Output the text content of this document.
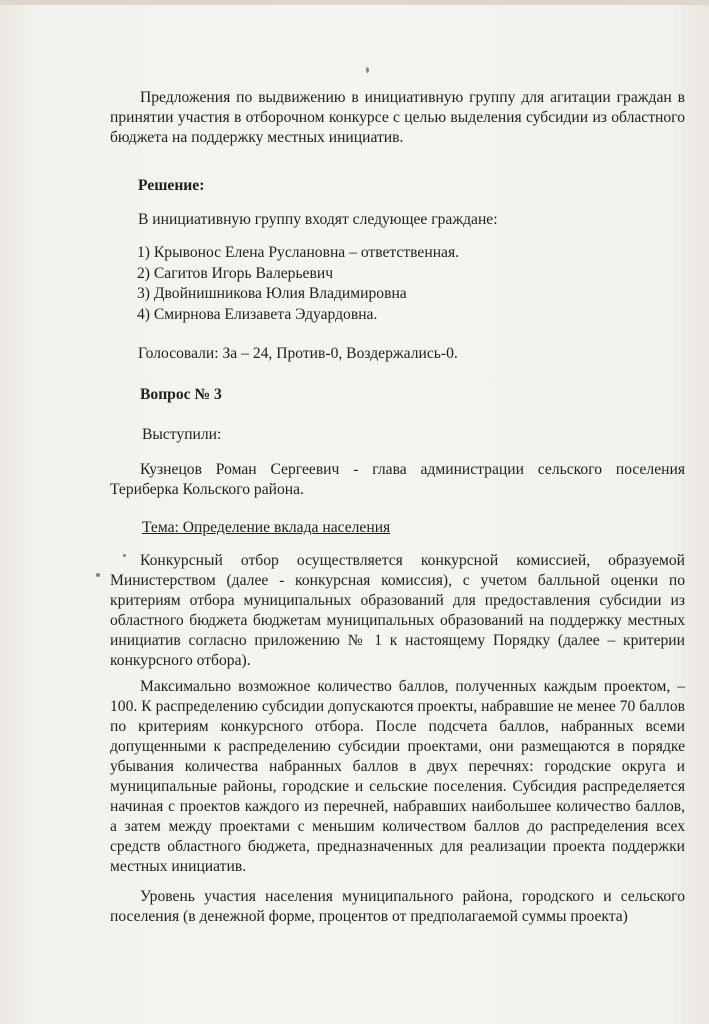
Предложения по выдвижению в инициативную группу для агитации граждан в принятии участия в отборочном конкурсе с целью выделения субсидии из областного бюджета на поддержку местных инициатив.

Решение:

В инициативную группу входят следующее граждане:

1) Крывонос Елена Руслановна – ответственная.
2) Сагитов Игорь Валерьевич
3) Двойнишникова Юлия Владимировна
4) Смирнова Елизавета Эдуардовна.

Голосовали: За – 24, Против-0, Воздержались-0.

Вопрос № 3

Выступили:

Кузнецов Роман Сергеевич - глава администрации сельского поселения Териберка Кольского района.

Тема: Определение вклада населения

Конкурсный отбор осуществляется конкурсной комиссией, образуемой Министерством (далее - конкурсная комиссия), с учетом балльной оценки по критериям отбора муниципальных образований для предоставления субсидии из областного бюджета бюджетам муниципальных образований на поддержку местных инициатив согласно приложению № 1 к настоящему Порядку (далее – критерии конкурсного отбора).

Максимально возможное количество баллов, полученных каждым проектом, – 100. К распределению субсидии допускаются проекты, набравшие не менее 70 баллов по критериям конкурсного отбора. После подсчета баллов, набранных всеми допущенными к распределению субсидии проектами, они размещаются в порядке убывания количества набранных баллов в двух перечнях: городские округа и муниципальные районы, городские и сельские поселения. Субсидия распределяется начиная с проектов каждого из перечней, набравших наибольшее количество баллов, а затем между проектами с меньшим количеством баллов до распределения всех средств областного бюджета, предназначенных для реализации проекта поддержки местных инициатив.

Уровень участия населения муниципального района, городского и сельского поселения (в денежной форме, процентов от предполагаемой суммы проекта)
